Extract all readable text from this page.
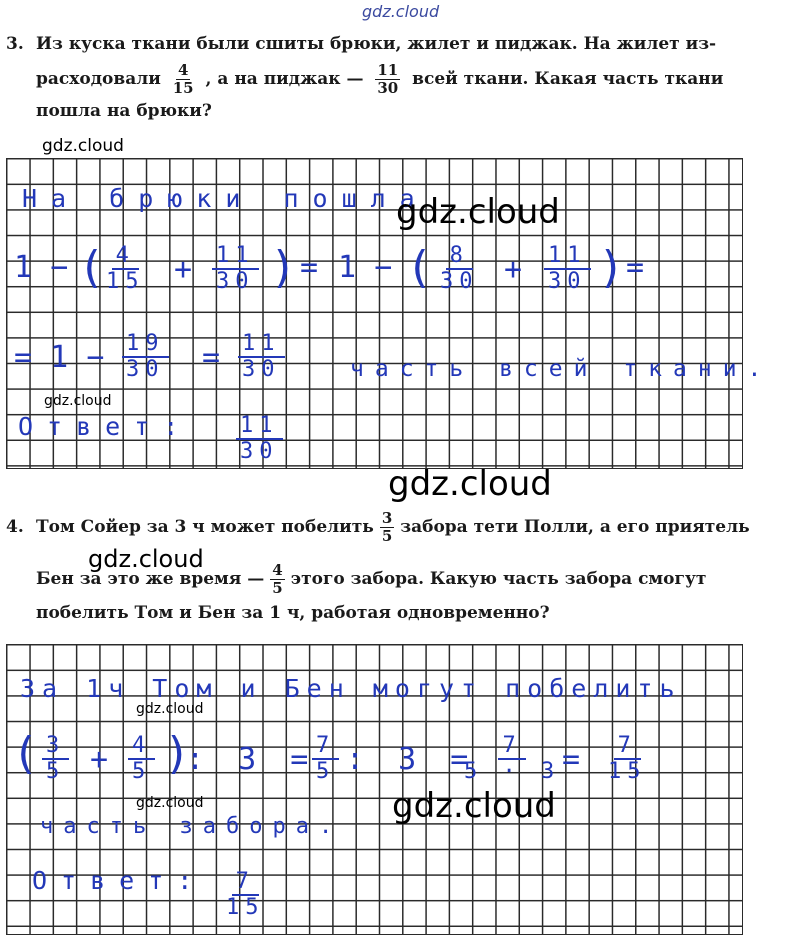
gdz.cloud
gdz.cloud
3. Из куска ткани были сшиты брюки, жилет и пиджак. На жилет из-
расходовали $\frac{4}{15}$ , а на пиджак — $\frac{11}{30}$ всей ткани. Какая часть ткани
пошла на брюки?
На брюки пошла
gdz.cloud
1 − ( $\frac{4}{15} + \frac{11}{30}$ ) = 1 − ( $\frac{8}{30} + \frac{11}{30}$ ) =
= $1 - \frac{19}{30} = \frac{11}{30}$	часть всей ткани.
gdz.cloud
Ответ: $\frac{11}{30}$
gdz.cloud
4. Том Сойер за 3 ч может побелить $\frac{3}{5}$ забора тети Полли, а его приятель
gdz.cloud
Бен за это же время — $\frac{4}{5}$ этого забора. Какую часть забора смогут
побелить Том и Бен за 1 ч, работая одновременно?
За 1ч Том и Бен могут побелить
gdz.cloud
( $\frac{3}{5} + \frac{4}{5}$ )
: 3 =
$\frac{7}{5}$ : 3 =
$\frac{7}{5 \cdot 3} = \frac{7}{15}$
gdz.cloud	gdz.cloud
часть забора.
Ответ: $\frac{7}{15}$
